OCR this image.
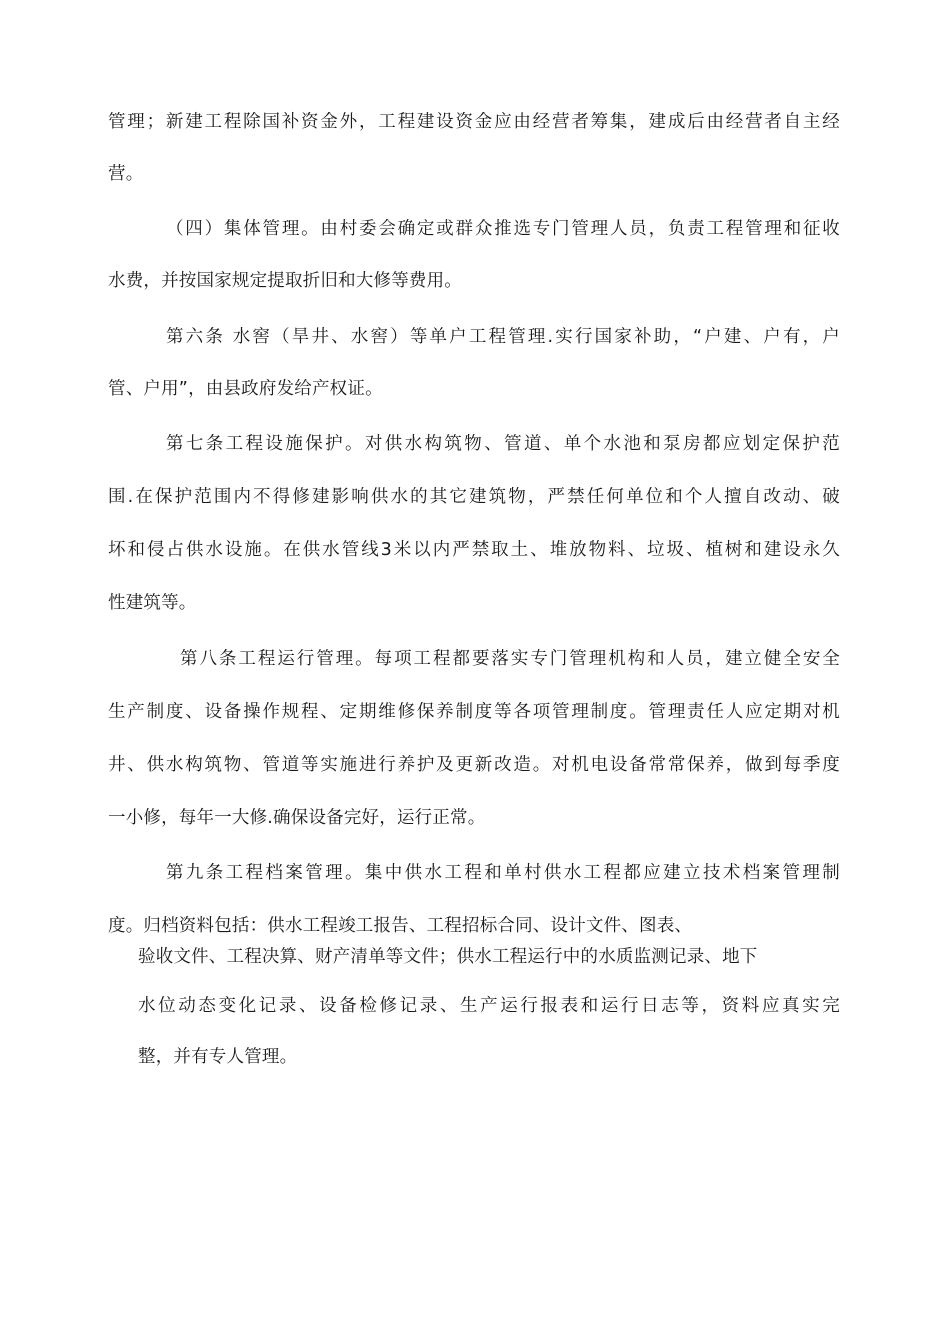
管理；新建工程除国补资金外，工程建设资金应由经营者筹集，建成后由经营者自主经
营。
（四）集体管理。由村委会确定或群众推选专门管理人员，负责工程管理和征收
水费，并按国家规定提取折旧和大修等费用。
第六条 水窖（旱井、水窖）等单户工程管理.实行国家补助，“户建、户有，户
管、户用”，由县政府发给产权证。
第七条工程设施保护。对供水构筑物、管道、单个水池和泵房都应划定保护范
围.在保护范围内不得修建影响供水的其它建筑物，严禁任何单位和个人擅自改动、破
坏和侵占供水设施。在供水管线3米以内严禁取土、堆放物料、垃圾、植树和建设永久
性建筑等。
第八条工程运行管理。每项工程都要落实专门管理机构和人员，建立健全安全
生产制度、设备操作规程、定期维修保养制度等各项管理制度。管理责任人应定期对机
井、供水构筑物、管道等实施进行养护及更新改造。对机电设备常常保养，做到每季度
一小修，每年一大修.确保设备完好，运行正常。
第九条工程档案管理。集中供水工程和单村供水工程都应建立技术档案管理制
度。归档资料包括：供水工程竣工报告、工程招标合同、设计文件、图表、
验收文件、工程决算、财产清单等文件；供水工程运行中的水质监测记录、地下
水位动态变化记录、设备检修记录、生产运行报表和运行日志等，资料应真实完
整，并有专人管理。
